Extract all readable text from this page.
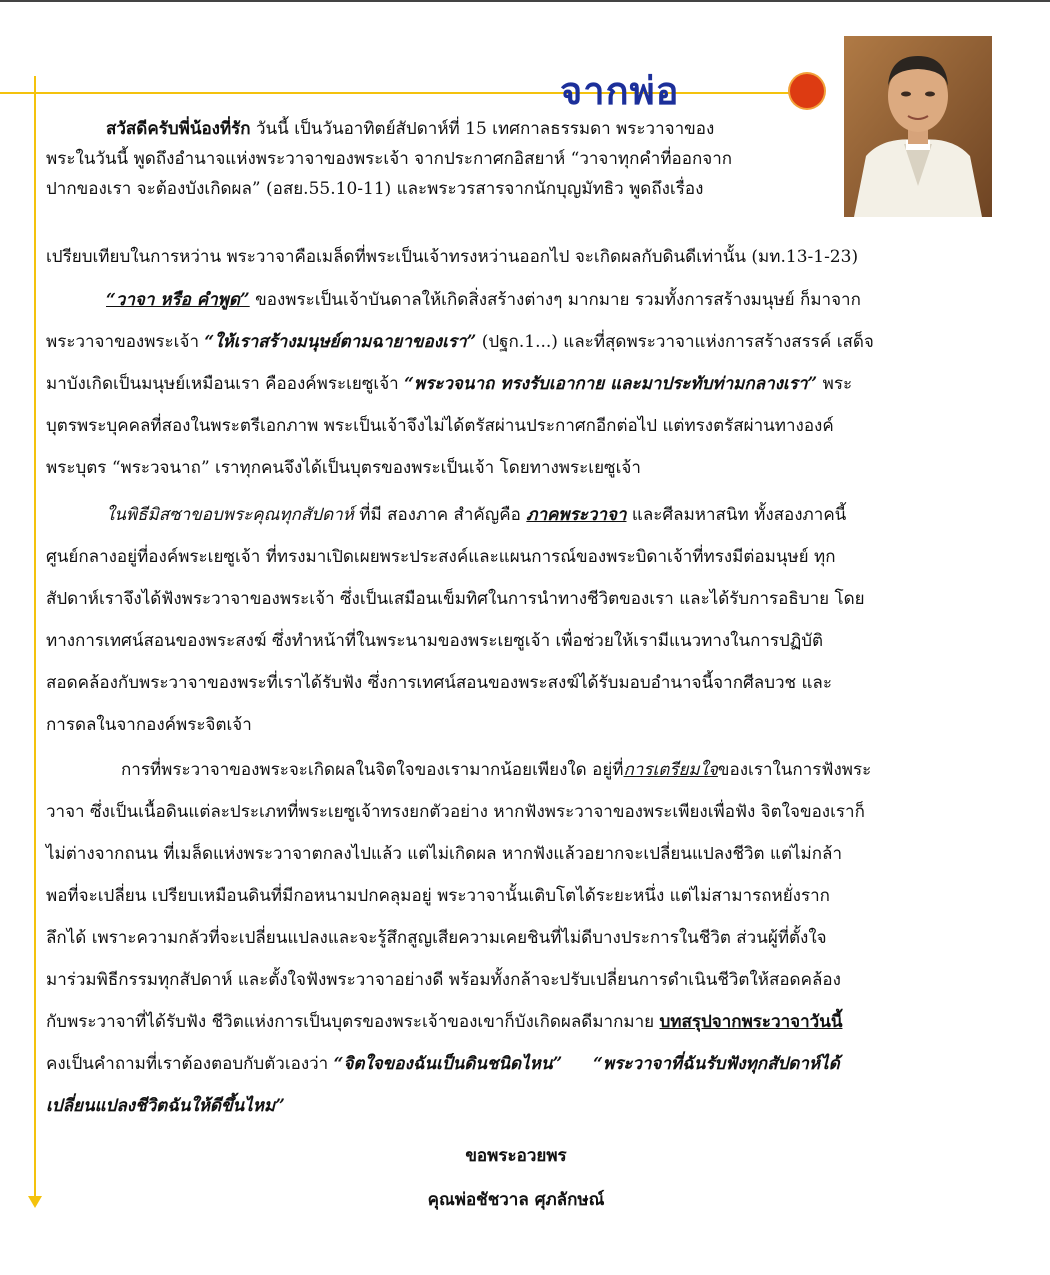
จากพ่อ
สวัสดีครับพี่น้องที่รัก วันนี้ เป็นวันอาทิตย์สัปดาห์ที่ 15 เทศกาลธรรมดา พระวาจาของ
พระในวันนี้ พูดถึงอำนาจแห่งพระวาจาของพระเจ้า จากประกาศกอิสยาห์ “วาจาทุกคำที่ออกจาก
ปากของเรา จะต้องบังเกิดผล” (อสย.55.10-11) และพระวรสารจากนักบุญมัทธิว พูดถึงเรื่อง
เปรียบเทียบในการหว่าน พระวาจาคือเมล็ดที่พระเป็นเจ้าทรงหว่านออกไป จะเกิดผลกับดินดีเท่านั้น (มท.13-1-23)
“วาจา หรือ คำพูด” ของพระเป็นเจ้าบันดาลให้เกิดสิ่งสร้างต่างๆ มากมาย รวมทั้งการสร้างมนุษย์ ก็มาจาก
พระวาจาของพระเจ้า “ให้เราสร้างมนุษย์ตามฉายาของเรา” (ปฐก.1...) และที่สุดพระวาจาแห่งการสร้างสรรค์ เสด็จ
มาบังเกิดเป็นมนุษย์เหมือนเรา คือองค์พระเยซูเจ้า “พระวจนาถ ทรงรับเอากาย และมาประทับท่ามกลางเรา” พระ
บุตรพระบุคคลที่สองในพระตรีเอกภาพ พระเป็นเจ้าจึงไม่ได้ตรัสผ่านประกาศกอีกต่อไป แต่ทรงตรัสผ่านทางองค์
พระบุตร “พระวจนาถ” เราทุกคนจึงได้เป็นบุตรของพระเป็นเจ้า โดยทางพระเยซูเจ้า
ในพิธีมิสซาขอบพระคุณทุกสัปดาห์ ที่มี สองภาค สำคัญคือ ภาคพระวาจา และศีลมหาสนิท ทั้งสองภาคนี้
ศูนย์กลางอยู่ที่องค์พระเยซูเจ้า ที่ทรงมาเปิดเผยพระประสงค์และแผนการณ์ของพระบิดาเจ้าที่ทรงมีต่อมนุษย์ ทุก
สัปดาห์เราจึงได้ฟังพระวาจาของพระเจ้า ซึ่งเป็นเสมือนเข็มทิศในการนำทางชีวิตของเรา และได้รับการอธิบาย โดย
ทางการเทศน์สอนของพระสงฆ์ ซึ่งทำหน้าที่ในพระนามของพระเยซูเจ้า เพื่อช่วยให้เรามีแนวทางในการปฏิบัติ
สอดคล้องกับพระวาจาของพระที่เราได้รับฟัง ซึ่งการเทศน์สอนของพระสงฆ์ได้รับมอบอำนาจนี้จากศีลบวช และ
การดลในจากองค์พระจิตเจ้า
การที่พระวาจาของพระจะเกิดผลในจิตใจของเรามากน้อยเพียงใด อยู่ที่การเตรียมใจของเราในการฟังพระ
วาจา ซึ่งเป็นเนื้อดินแต่ละประเภทที่พระเยซูเจ้าทรงยกตัวอย่าง หากฟังพระวาจาของพระเพียงเพื่อฟัง จิตใจของเราก็
ไม่ต่างจากถนน ที่เมล็ดแห่งพระวาจาตกลงไปแล้ว แต่ไม่เกิดผล หากฟังแล้วอยากจะเปลี่ยนแปลงชีวิต แต่ไม่กล้า
พอที่จะเปลี่ยน เปรียบเหมือนดินที่มีกอหนามปกคลุมอยู่ พระวาจานั้นเติบโตได้ระยะหนึ่ง แต่ไม่สามารถหยั่งราก
ลึกได้ เพราะความกลัวที่จะเปลี่ยนแปลงและจะรู้สึกสูญเสียความเคยชินที่ไม่ดีบางประการในชีวิต ส่วนผู้ที่ตั้งใจ
มาร่วมพิธีกรรมทุกสัปดาห์ และตั้งใจฟังพระวาจาอย่างดี พร้อมทั้งกล้าจะปรับเปลี่ยนการดำเนินชีวิตให้สอดคล้อง
กับพระวาจาที่ได้รับฟัง ชีวิตแห่งการเป็นบุตรของพระเจ้าของเขาก็บังเกิดผลดีมากมาย บทสรุปจากพระวาจาวันนี้
คงเป็นคำถามที่เราต้องตอบกับตัวเองว่า “จิตใจของฉันเป็นดินชนิดไหน” “พระวาจาที่ฉันรับฟังทุกสัปดาห์ได้
เปลี่ยนแปลงชีวิตฉันให้ดีขึ้นไหม”
ขอพระอวยพร
คุณพ่อชัชวาล ศุภลักษณ์
